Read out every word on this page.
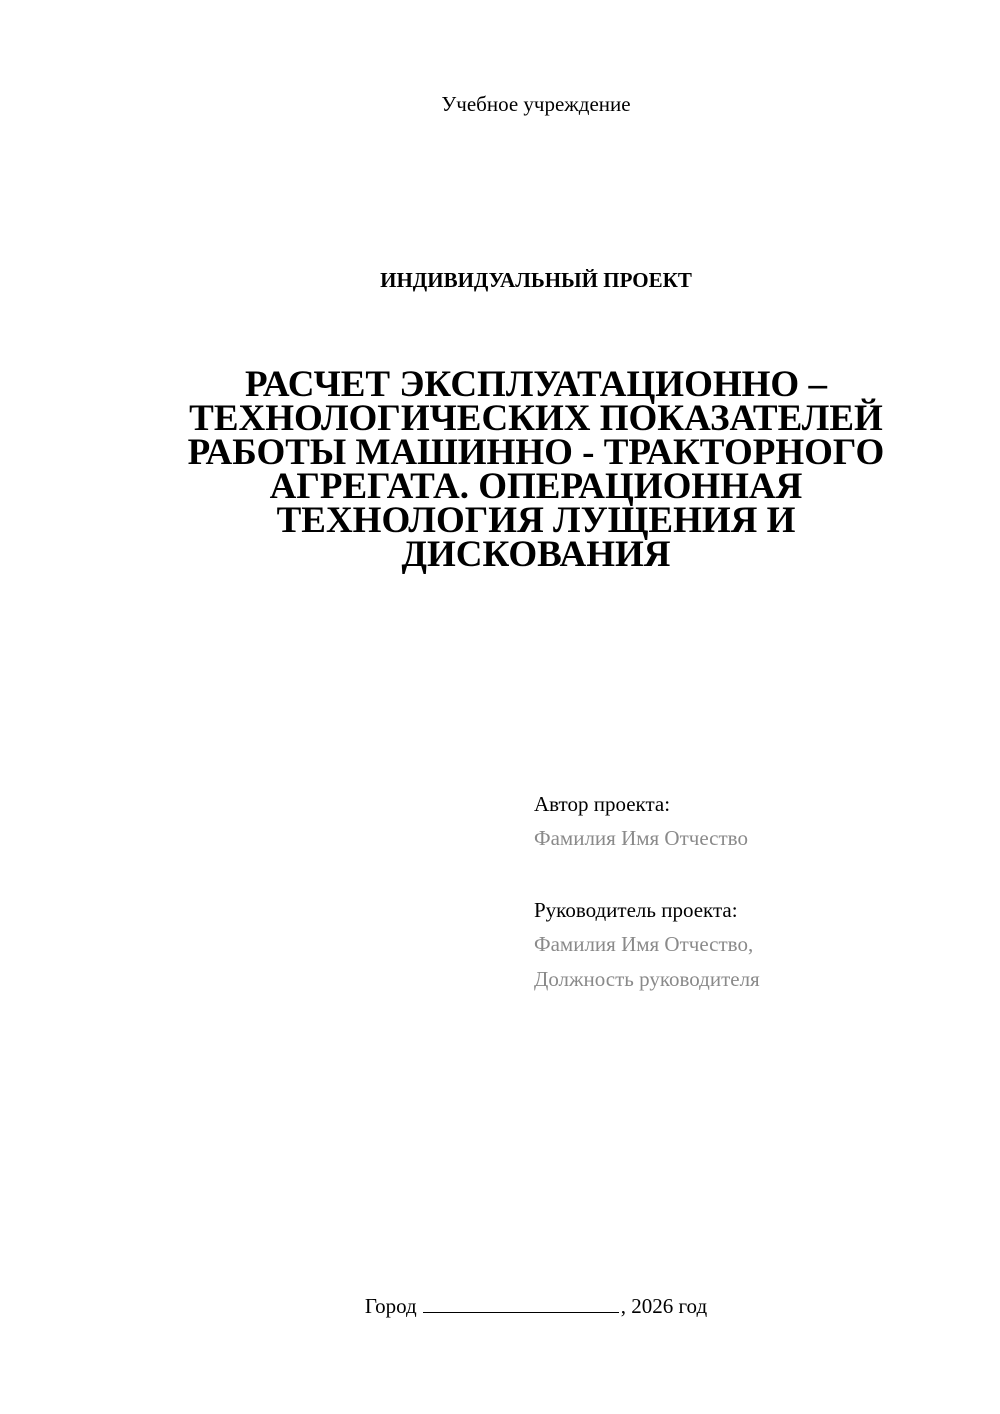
Учебное учреждение
ИНДИВИДУАЛЬНЫЙ ПРОЕКТ
РАСЧЕТ ЭКСПЛУАТАЦИОННО –
ТЕХНОЛОГИЧЕСКИХ ПОКАЗАТЕЛЕЙ
РАБОТЫ МАШИННО - ТРАКТОРНОГО
АГРЕГАТА. ОПЕРАЦИОННАЯ
ТЕХНОЛОГИЯ ЛУЩЕНИЯ И
ДИСКОВАНИЯ
Автор проекта:
Фамилия Имя Отчество
Руководитель проекта:
Фамилия Имя Отчество,
Должность руководителя
Город	, 2026 год
